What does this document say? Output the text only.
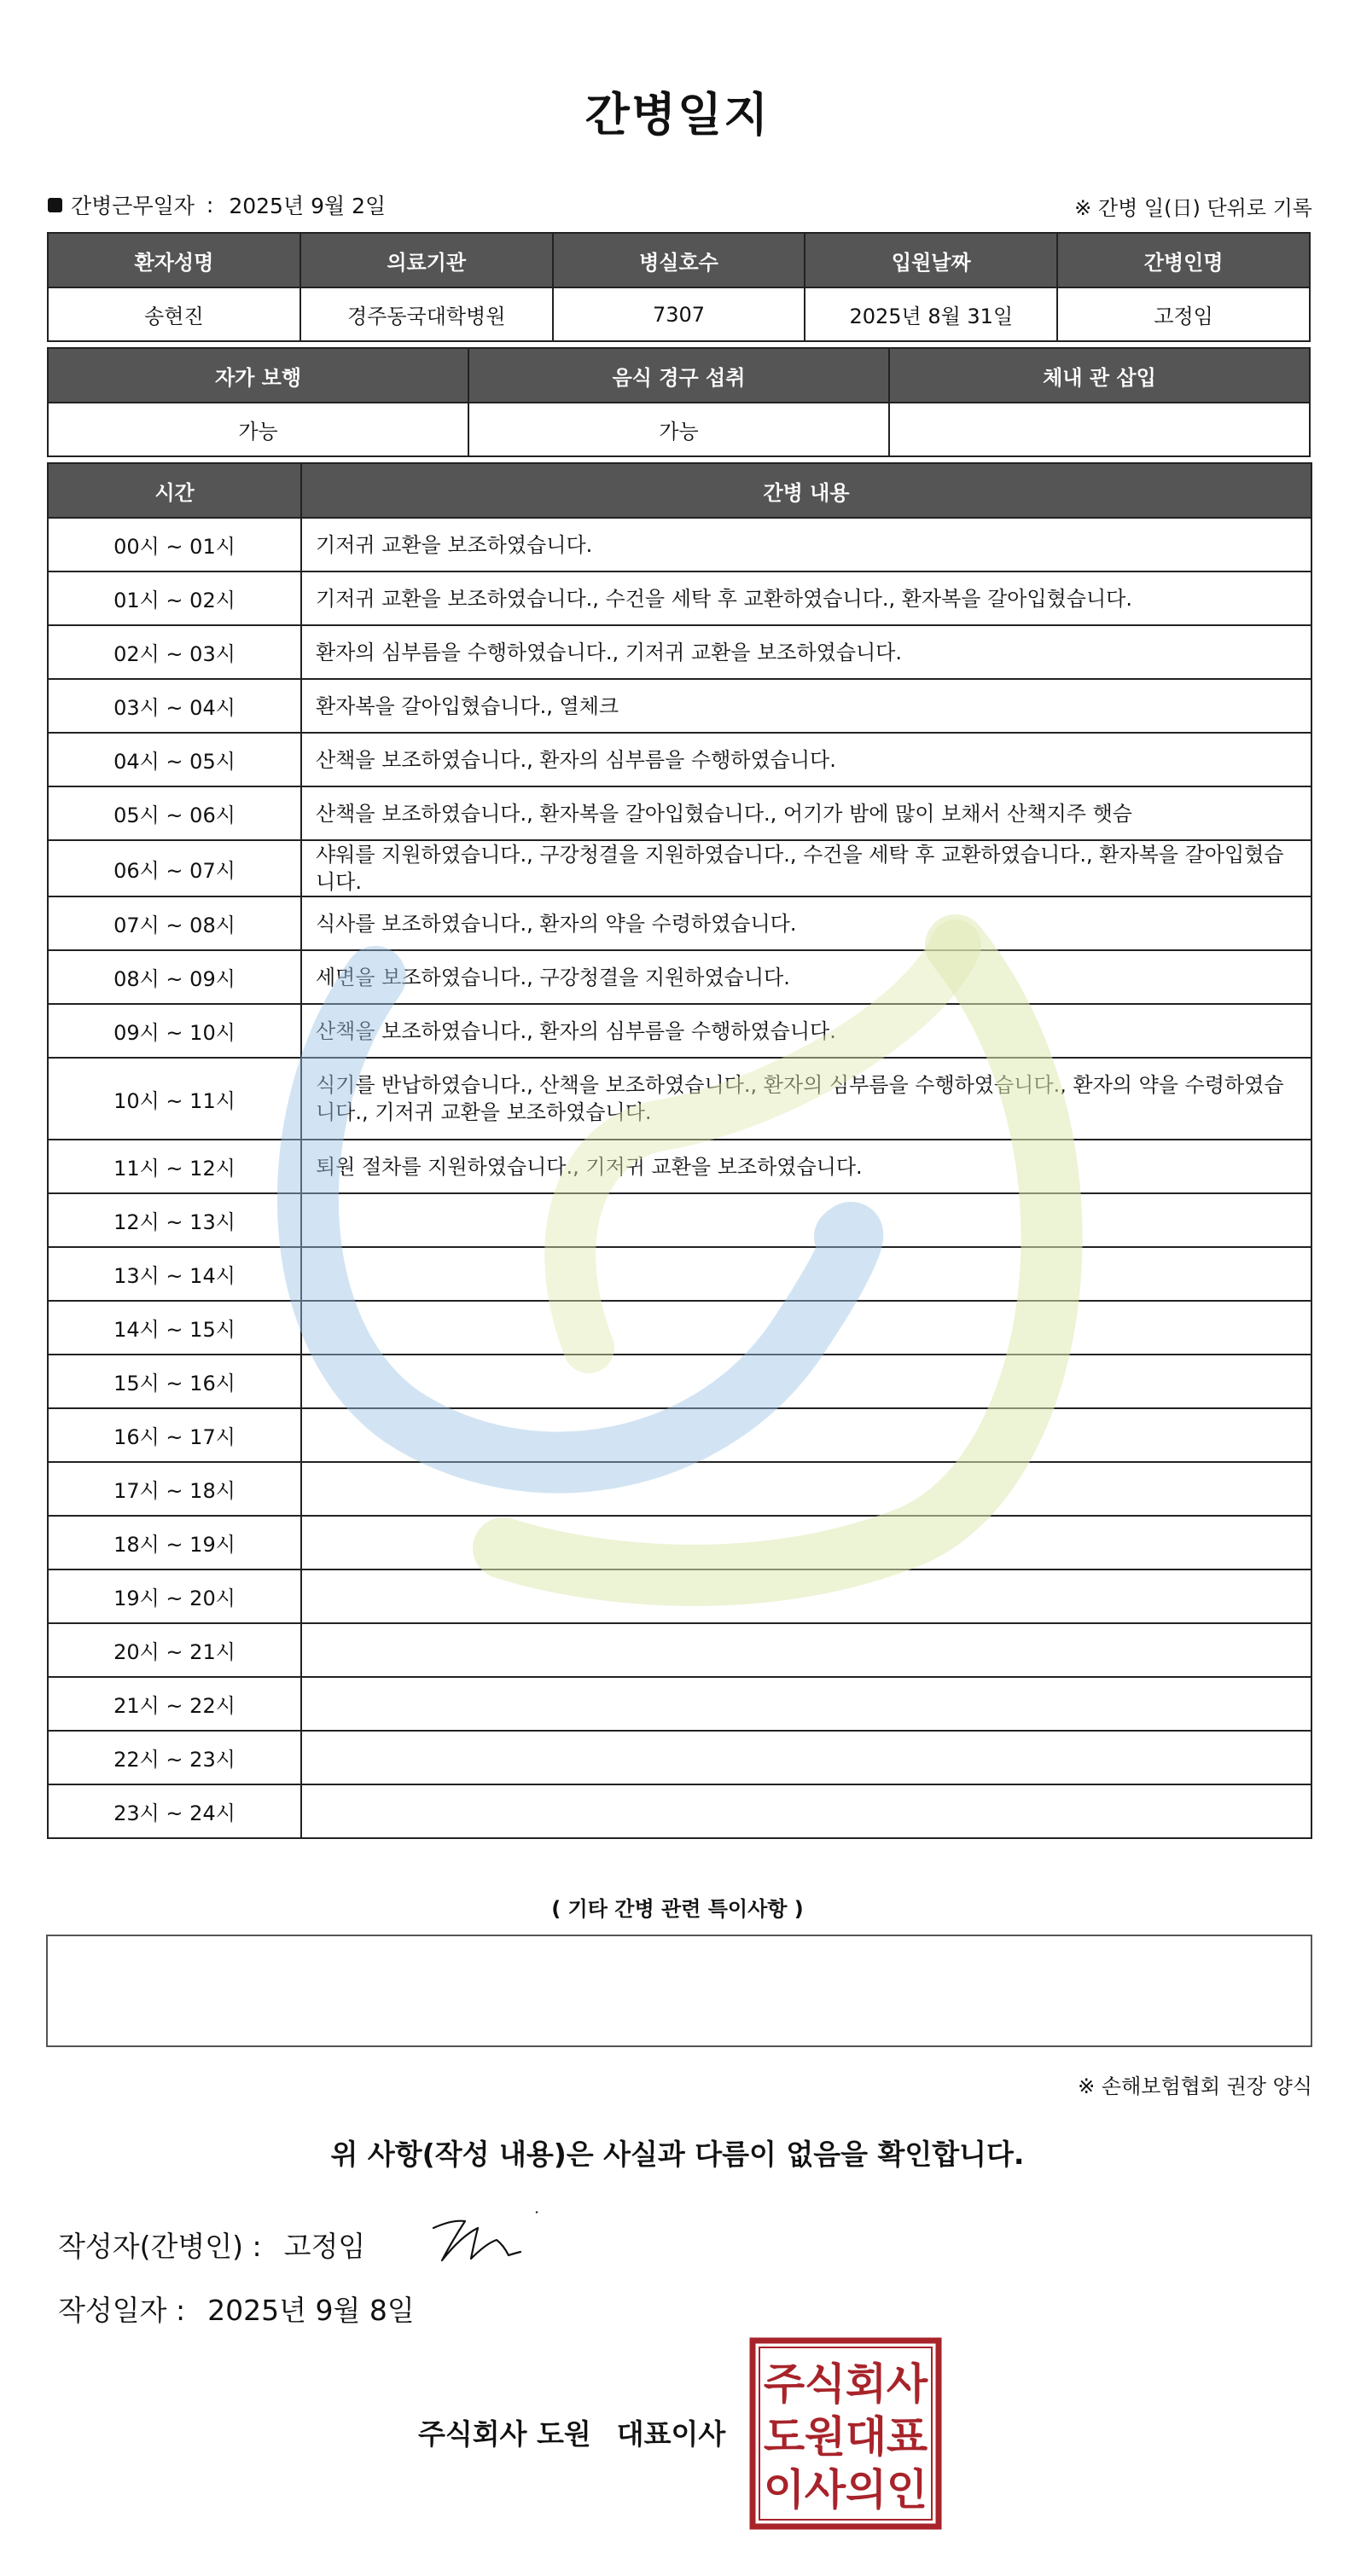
간병일지
간병근무일자 : 2025년 9월 2일	※ 간병 일(日) 단위로 기록
환자성명	의료기관	병실호수	입원날짜	간병인명
송현진	경주동국대학병원	7307	2025년 8월 31일	고정임
자가 보행	음식 경구 섭취	체내 관 삽입
가능	가능	
시간	간병 내용
00시 ~ 01시	기저귀 교환을 보조하였습니다.
01시 ~ 02시	기저귀 교환을 보조하였습니다., 수건을 세탁 후 교환하였습니다., 환자복을 갈아입혔습니다.
02시 ~ 03시	환자의 심부름을 수행하였습니다., 기저귀 교환을 보조하였습니다.
03시 ~ 04시	환자복을 갈아입혔습니다., 열체크
04시 ~ 05시	산책을 보조하였습니다., 환자의 심부름을 수행하였습니다.
05시 ~ 06시	산책을 보조하였습니다., 환자복을 갈아입혔습니다., 어기가 밤에 많이 보채서 산책지주 햇슴
06시 ~ 07시	샤워를 지원하였습니다., 구강청결을 지원하였습니다., 수건을 세탁 후 교환하였습니다., 환자복을 갈아입혔습니다.
07시 ~ 08시	식사를 보조하였습니다., 환자의 약을 수령하였습니다.
08시 ~ 09시	세면을 보조하였습니다., 구강청결을 지원하였습니다.
09시 ~ 10시	산책을 보조하였습니다., 환자의 심부름을 수행하였습니다.
10시 ~ 11시	식기를 반납하였습니다., 산책을 보조하였습니다., 환자의 심부름을 수행하였습니다., 환자의 약을 수령하였습니다., 기저귀 교환을 보조하였습니다.
11시 ~ 12시	퇴원 절차를 지원하였습니다., 기저귀 교환을 보조하였습니다.
12시 ~ 13시	
13시 ~ 14시	
14시 ~ 15시	
15시 ~ 16시	
16시 ~ 17시	
17시 ~ 18시	
18시 ~ 19시	
19시 ~ 20시	
20시 ~ 21시	
21시 ~ 22시	
22시 ~ 23시	
23시 ~ 24시	
( 기타 간병 관련 특이사항 )
※ 손해보험협회 권장 양식
위 사항(작성 내용)은 사실과 다름이 없음을 확인합니다.
작성자(간병인) : 고정임
작성일자 : 2025년 9월 8일
주식회사 도원 대표이사
주 식 회 사
도 원 대 표
이 사 의 인
